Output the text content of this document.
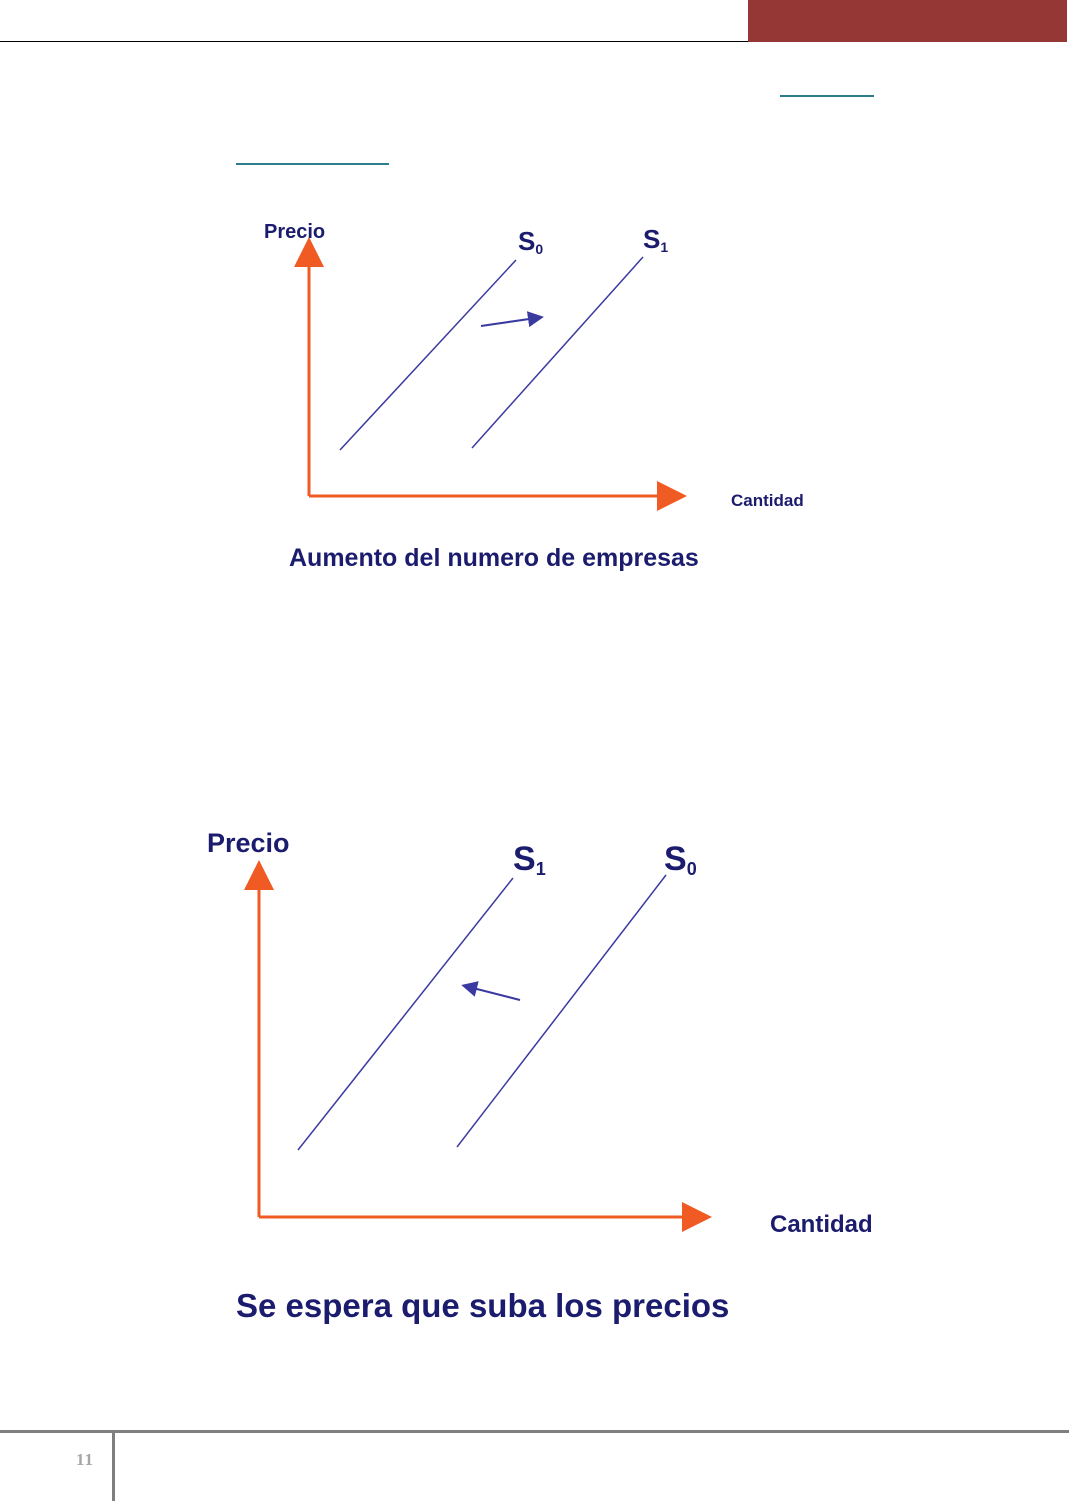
Precio
Cantidad
S0	S1
Aumento del numero de empresas
Precio
Cantidad
S1	S0
Se espera que suba los precios
11
